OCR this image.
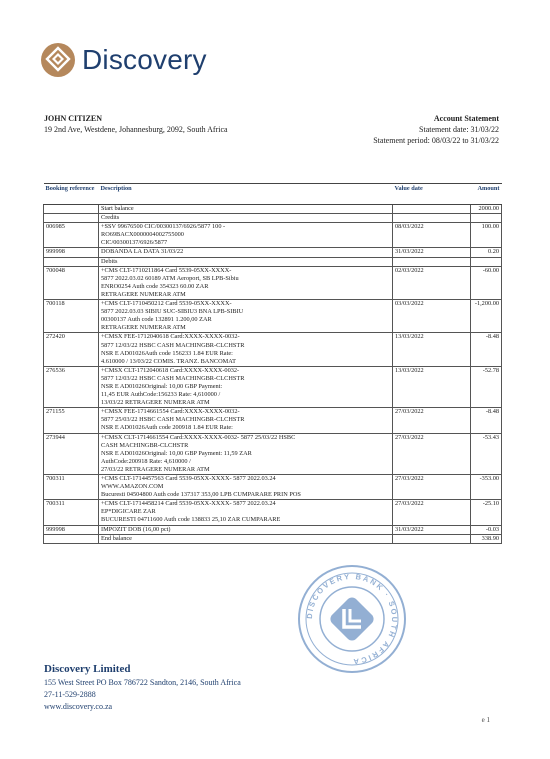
Discovery
JOHN CITIZEN
19 2nd Ave, Westdene, Johannesburg, 2092, South Africa
Account Statement
Statement date: 31/03/22
Statement period: 08/03/22 to 31/03/22
Booking reference	Description	Value date	Amount

	Start balance		2000.00

	Credits		

006985	+SSV 99676500 CIC/00300137/6926/5877 100 -
RO69BACX0000004002755000
CIC/00300137/6926/5877	08/03/2022	100.00
999998	DOBANDA LA DATA 31/03/22	31/03/2022	0.20

	Debits		

700048	+CMS CLT-1710211864 Card 5539-05XX-XXXX-
5877 2022.03.02 60189 ATM Aeroport, SB LPB-Sibiu
ENRO0254 Auth code 354323 60.00 ZAR
RETRAGERE NUMERAR ATM	02/03/2022	-60.00
700118	+CMS CLT-1710450212 Card 5539-05XX-XXXX-
5877 2022.03.03 SIBIU SUC-SIBIU3 BNA LPB-SIBIU
00300137 Auth code 132891 1.200,00 ZAR
RETRAGERE NUMERAR ATM	03/03/2022	-1,200.00
272420	+CMSX FEE-1712040618 Card:XXXX-XXXX-0032-
5877 12/03/22 HSBC CASH MACHINGBR-CLCHSTR
NSR E AD01026Auth code 156233 1.84 EUR Rate:
4.610000 / 13/03/22 COMIS. TRANZ. BANCOMAT	13/03/2022	-8.48
276536	+CMSX CLT-1712040618 Card:XXXX-XXXX-0032-
5877 12/03/22 HSBC CASH MACHINGBR-CLCHSTR
NSR E AD01026Original: 10,00 GBP Payment:
11,45 EUR AuthCode:156233 Rate: 4,610000 /
13/03/22 RETRAGERE NUMERAR ATM	13/03/2022	-52.78
271155	+CMSX FEE-1714661554 Card:XXXX-XXXX-0032-
5877 25/03/22 HSBC CASH MACHINGBR-CLCHSTR
NSR E AD01026Auth code 200918 1.84 EUR Rate:	27/03/2022	-8.48
273944	+CMSX CLT-1714661554 Card:XXXX-XXXX-0032- 5877 25/03/22 HSBC
CASH MACHINGBR-CLCHSTR
NSR E AD01026Original: 10,00 GBP Payment: 11,59 ZAR
AuthCode:200918 Rate: 4,610000 /
27/03/22 RETRAGERE NUMERAR ATM	27/03/2022	-53.43
700311	+CMS CLT-1714457563 Card 5539-05XX-XXXX- 5877 2022.03.24
WWW.AMAZON.COM
Bucuresti 04504800 Auth code 137317 353,00 LPB CUMPARARE PRIN POS	27/03/2022	-353.00
700311	+CMS CLT-1714458214 Card 5539-05XX-XXXX- 5877 2022.03.24
EP*DIGICARE ZAR
BUCURESTI 04711600 Auth code 138833 25,10 ZAR CUMPARARE	27/03/2022	-25.10
999998	IMPOZIT DOB (16,00 pct)	31/03/2022	-0.03

	End balance		338.90
DISCOVERY BANK · SOUTH AFRICA
Discovery Limited
155 West Street PO Box 786722 Sandton, 2146, South Africa
27-11-529-2888
www.discovery.co.za
e 1
